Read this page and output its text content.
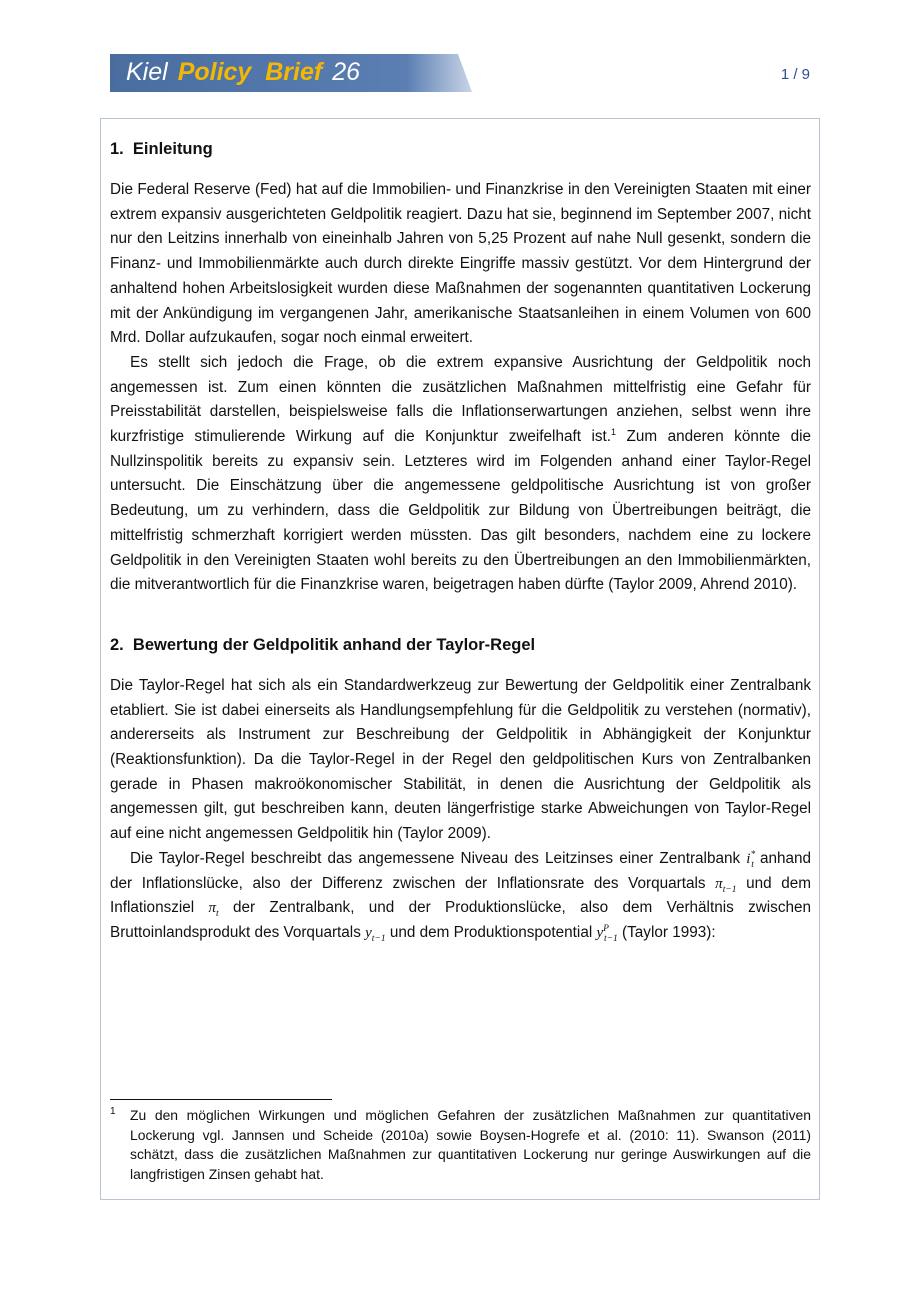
Kiel Policy  Brief 26	1 / 9
1.  Einleitung

Die Federal Reserve (Fed) hat auf die Immobilien- und Finanzkrise in den Vereinigten Staaten mit einer extrem expansiv ausgerichteten Geldpolitik reagiert. Dazu hat sie, beginnend im September 2007, nicht nur den Leitzins innerhalb von eineinhalb Jahren von 5,25 Prozent auf nahe Null gesenkt, sondern die Finanz- und Immobilienmärkte auch durch direkte Eingriffe massiv gestützt. Vor dem Hintergrund der anhaltend hohen Arbeitslosigkeit wurden diese Maßnahmen der sogenannten quantitativen Lockerung mit der Ankündigung im vergangenen Jahr, amerikanische Staatsanleihen in einem Volumen von 600 Mrd. Dollar aufzukaufen, sogar noch einmal erweitert.

Es stellt sich jedoch die Frage, ob die extrem expansive Ausrichtung der Geldpolitik noch angemessen ist. Zum einen könnten die zusätzlichen Maßnahmen mittelfristig eine Gefahr für Preisstabilität darstellen, beispielsweise falls die Inflationserwartungen anziehen, selbst wenn ihre kurzfristige stimulierende Wirkung auf die Konjunktur zweifelhaft ist.$^1$ Zum anderen könnte die Nullzinspolitik bereits zu expansiv sein. Letzteres wird im Folgenden anhand einer Taylor-Regel untersucht. Die Einschätzung über die angemessene geldpolitische Ausrichtung ist von großer Bedeutung, um zu verhindern, dass die Geldpolitik zur Bildung von Übertreibungen beiträgt, die mittelfristig schmerzhaft korrigiert werden müssten. Das gilt besonders, nachdem eine zu lockere Geldpolitik in den Vereinigten Staaten wohl bereits zu den Übertreibungen an den Immobilienmärkten, die mitverantwortlich für die Finanzkrise waren, beigetragen haben dürfte (Taylor 2009, Ahrend 2010).

2.  Bewertung der Geldpolitik anhand der Taylor-Regel

Die Taylor-Regel hat sich als ein Standardwerkzeug zur Bewertung der Geldpolitik einer Zentralbank etabliert. Sie ist dabei einerseits als Handlungsempfehlung für die Geldpolitik zu verstehen (normativ), andererseits als Instrument zur Beschreibung der Geldpolitik in Abhängigkeit der Konjunktur (Reaktionsfunktion). Da die Taylor-Regel in der Regel den geldpolitischen Kurs von Zentralbanken gerade in Phasen makroökonomischer Stabilität, in denen die Ausrichtung der Geldpolitik als angemessen gilt, gut beschreiben kann, deuten längerfristige starke Abweichungen von Taylor-Regel auf eine nicht angemessen Geldpolitik hin (Taylor 2009).

Die Taylor-Regel beschreibt das angemessene Niveau des Leitzinses einer Zentralbank $i^*_t$ anhand der Inflationslücke, also der Differenz zwischen der Inflationsrate des Vorquartals $\pi_{t-1}$ und dem Inflationsziel $\pi_t$ der Zentralbank, und der Produktionslücke, also dem Verhältnis zwischen Bruttoinlandsprodukt des Vorquartals $y_{t-1}$ und dem Produktionspotential $y^P_{t-1}$ (Taylor 1993):

1 Zu den möglichen Wirkungen und möglichen Gefahren der zusätzlichen Maßnahmen zur quantitativen Lockerung vgl. Jannsen und Scheide (2010a) sowie Boysen-Hogrefe et al. (2010: 11). Swanson (2011) schätzt, dass die zusätzlichen Maßnahmen zur quantitativen Lockerung nur geringe Auswirkungen auf die langfristigen Zinsen gehabt hat.
